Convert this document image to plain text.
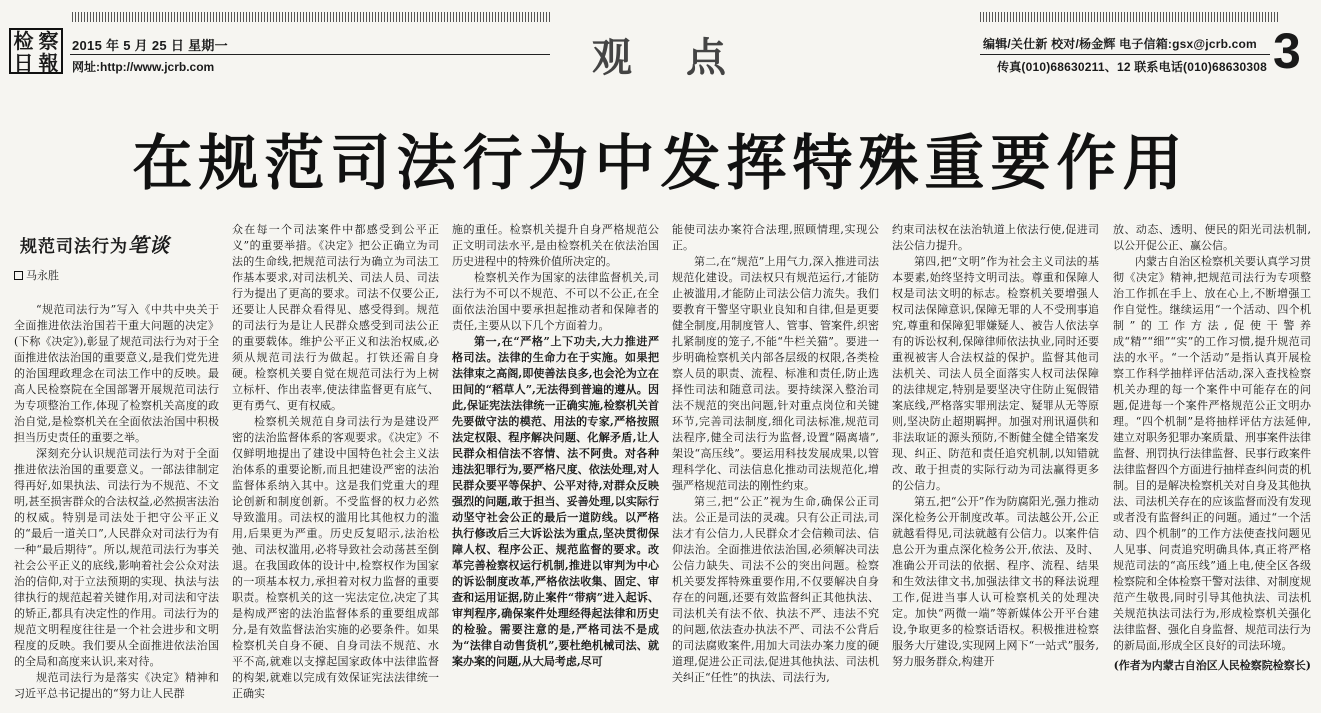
检 察
日 報
2015 年 5 月 25 日 星期一
网址:http://www.jcrb.com	观点	编辑/关仕新 校对/杨金辉 电子信箱:gsx@jcrb.com
传真(010)68630211、12 联系电话(010)68630308 3
在规范司法行为中发挥特殊重要作用
规范司法行为笔谈
马永胜

“规范司法行为”写入《中共中央关于全面推进依法治国若干重大问题的决定》(下称《决定》),彰显了规范司法行为对于全面推进依法治国的重要意义,是我们党先进的治国理政理念在司法工作中的反映。最高人民检察院在全国部署开展规范司法行为专项整治工作,体现了检察机关高度的政治自觉,是检察机关在全面依法治国中积极担当历史责任的重要之举。

深刻充分认识规范司法行为对于全面推进依法治国的重要意义。一部法律制定得再好,如果执法、司法行为不规范、不文明,甚至损害群众的合法权益,必然损害法治的权威。特别是司法处于把守公平正义的“最后一道关口”,人民群众对司法行为有一种“最后期待”。所以,规范司法行为事关社会公平正义的底线,影响着社会公众对法治的信仰,对于立法预期的实现、执法与法律执行的规范起着关键作用,对司法和守法的矫正,都具有决定性的作用。司法行为的规范文明程度往往是一个社会进步和文明程度的反映。我们要从全面推进依法治国的全局和高度来认识,来对待。

规范司法行为是落实《决定》精神和习近平总书记提出的“努力让人民群

众在每一个司法案件中都感受到公平正义”的重要举措。《决定》把公正确立为司法的生命线,把规范司法行为确立为司法工作基本要求,对司法机关、司法人员、司法行为提出了更高的要求。司法不仅要公正,还要让人民群众看得见、感受得到。规范的司法行为是让人民群众感受到司法公正的重要载体。维护公平正义和法治权威,必须从规范司法行为做起。打铁还需自身硬。检察机关要自觉在规范司法行为上树立标杆、作出表率,使法律监督更有底气、更有勇气、更有权威。

检察机关规范自身司法行为是建设严密的法治监督体系的客观要求。《决定》不仅鲜明地提出了建设中国特色社会主义法治体系的重要论断,而且把建设严密的法治监督体系纳入其中。这是我们党重大的理论创新和制度创新。不受监督的权力必然导致滥用。司法权的滥用比其他权力的滥用,后果更为严重。历史反复昭示,法治松弛、司法权滥用,必将导致社会动荡甚至倒退。在我国政体的设计中,检察权作为国家的一项基本权力,承担着对权力监督的重要职责。检察机关的这一宪法定位,决定了其是构成严密的法治监督体系的重要组成部分,是有效监督法治实施的必要条件。如果检察机关自身不硬、自身司法不规范、水平不高,就难以支撑起国家政体中法律监督的构架,就难以完成有效保证宪法法律统一正确实

施的重任。检察机关提升自身严格规范公正文明司法水平,是由检察机关在依法治国历史进程中的特殊价值所决定的。

检察机关作为国家的法律监督机关,司法行为不可以不规范、不可以不公正,在全面依法治国中要承担起推动者和保障者的责任,主要从以下几个方面着力。

第一,在“严格”上下功夫,大力推进严格司法。法律的生命力在于实施。如果把法律束之高阁,即使善法良多,也会沦为立在田间的“稻草人”,无法得到普遍的遵从。因此,保证宪法法律统一正确实施,检察机关首先要做守法的模范、用法的专家,严格按照法定权限、程序解决问题、化解矛盾,让人民群众相信法不容情、法不阿贵。对各种违法犯罪行为,要严格尺度、依法处理,对人民群众要平等保护、公平对待,对群众反映强烈的问题,敢于担当、妥善处理,以实际行动坚守社会公正的最后一道防线。以严格执行修改后三大诉讼法为重点,坚决贯彻保障人权、程序公正、规范监督的要求。改革完善检察权运行机制,推进以审判为中心的诉讼制度改革,严格依法收集、固定、审查和运用证据,防止案件“带病”进入起诉、审判程序,确保案件处理经得起法律和历史的检验。需要注意的是,严格司法不是成为“法律自动售货机”,要杜绝机械司法、就案办案的问题,从大局考虑,尽可

能使司法办案符合法理,照顾情理,实现公正。

第二,在“规范”上用气力,深入推进司法规范化建设。司法权只有规范运行,才能防止被滥用,才能防止司法公信力流失。我们要教育干警坚守职业良知和自律,但是更要健全制度,用制度管人、管事、管案件,织密扎紧制度的笼子,不能“牛栏关猫”。要进一步明确检察机关内部各层级的权限,各类检察人员的职责、流程、标准和责任,防止选择性司法和随意司法。要持续深入整治司法不规范的突出问题,针对重点岗位和关键环节,完善司法制度,细化司法标准,规范司法程序,健全司法行为监督,设置“隔离墙”,架设“高压线”。要运用科技发展成果,以管理科学化、司法信息化推动司法规范化,增强严格规范司法的刚性约束。

第三,把“公正”视为生命,确保公正司法。公正是司法的灵魂。只有公正司法,司法才有公信力,人民群众才会信赖司法、信仰法治。全面推进依法治国,必须解决司法公信力缺失、司法不公的突出问题。检察机关要发挥特殊重要作用,不仅要解决自身存在的问题,还要有效监督纠正其他执法、司法机关有法不依、执法不严、违法不究的问题,依法查办执法不严、司法不公背后的司法腐败案件,用加大司法办案力度的硬道理,促进公正司法,促进其他执法、司法机关纠正“任性”的执法、司法行为,

约束司法权在法治轨道上依法行使,促进司法公信力提升。

第四,把“文明”作为社会主义司法的基本要素,始终坚持文明司法。尊重和保障人权是司法文明的标志。检察机关要增强人权司法保障意识,保障无罪的人不受刑事追究,尊重和保障犯罪嫌疑人、被告人依法享有的诉讼权利,保障律师依法执业,同时还要重视被害人合法权益的保护。监督其他司法机关、司法人员全面落实人权司法保障的法律规定,特别是要坚决守住防止冤假错案底线,严格落实罪刑法定、疑罪从无等原则,坚决防止超期羁押。加强对刑讯逼供和非法取证的源头预防,不断健全健全错案发现、纠正、防范和责任追究机制,以知错就改、敢于担责的实际行动为司法赢得更多的公信力。

第五,把“公开”作为防腐阳光,强力推动深化检务公开制度改革。司法越公开,公正就越看得见,司法就越有公信力。以案件信息公开为重点深化检务公开,依法、及时、准确公开司法的依据、程序、流程、结果和生效法律文书,加强法律文书的释法说理工作,促进当事人认可检察机关的处理决定。加快“两微一端”等新媒体公开平台建设,争取更多的检察话语权。积极推进检察服务大厅建设,实现网上网下“一站式”服务,努力服务群众,构建开

放、动态、透明、便民的阳光司法机制,以公开促公正、赢公信。

内蒙古自治区检察机关要认真学习贯彻《决定》精神,把规范司法行为专项整治工作抓在手上、放在心上,不断增强工作自觉性。继续运用“一个活动、四个机制”的工作方法,促使干警养成“精”“细”“实”的工作习惯,提升规范司法的水平。“一个活动”是指认真开展检察工作科学抽样评估活动,深入查找检察机关办理的每一个案件中可能存在的问题,促进每一个案件严格规范公正文明办理。“四个机制”是将抽样评估方法延伸,建立对职务犯罪办案质量、刑事案件法律监督、刑罚执行法律监督、民事行政案件法律监督四个方面进行抽样查纠问责的机制。目的是解决检察机关对自身及其他执法、司法机关存在的应该监督而没有发现或者没有监督纠正的问题。通过“一个活动、四个机制”的工作方法使查找问题见人见事、问责追究明确具体,真正将严格规范司法的“高压线”通上电,使全区各级检察院和全体检察干警对法律、对制度规范产生敬畏,同时引导其他执法、司法机关规范执法司法行为,形成检察机关强化法律监督、强化自身监督、规范司法行为的新局面,形成全区良好的司法环境。

(作者为内蒙古自治区人民检察院检察长)
